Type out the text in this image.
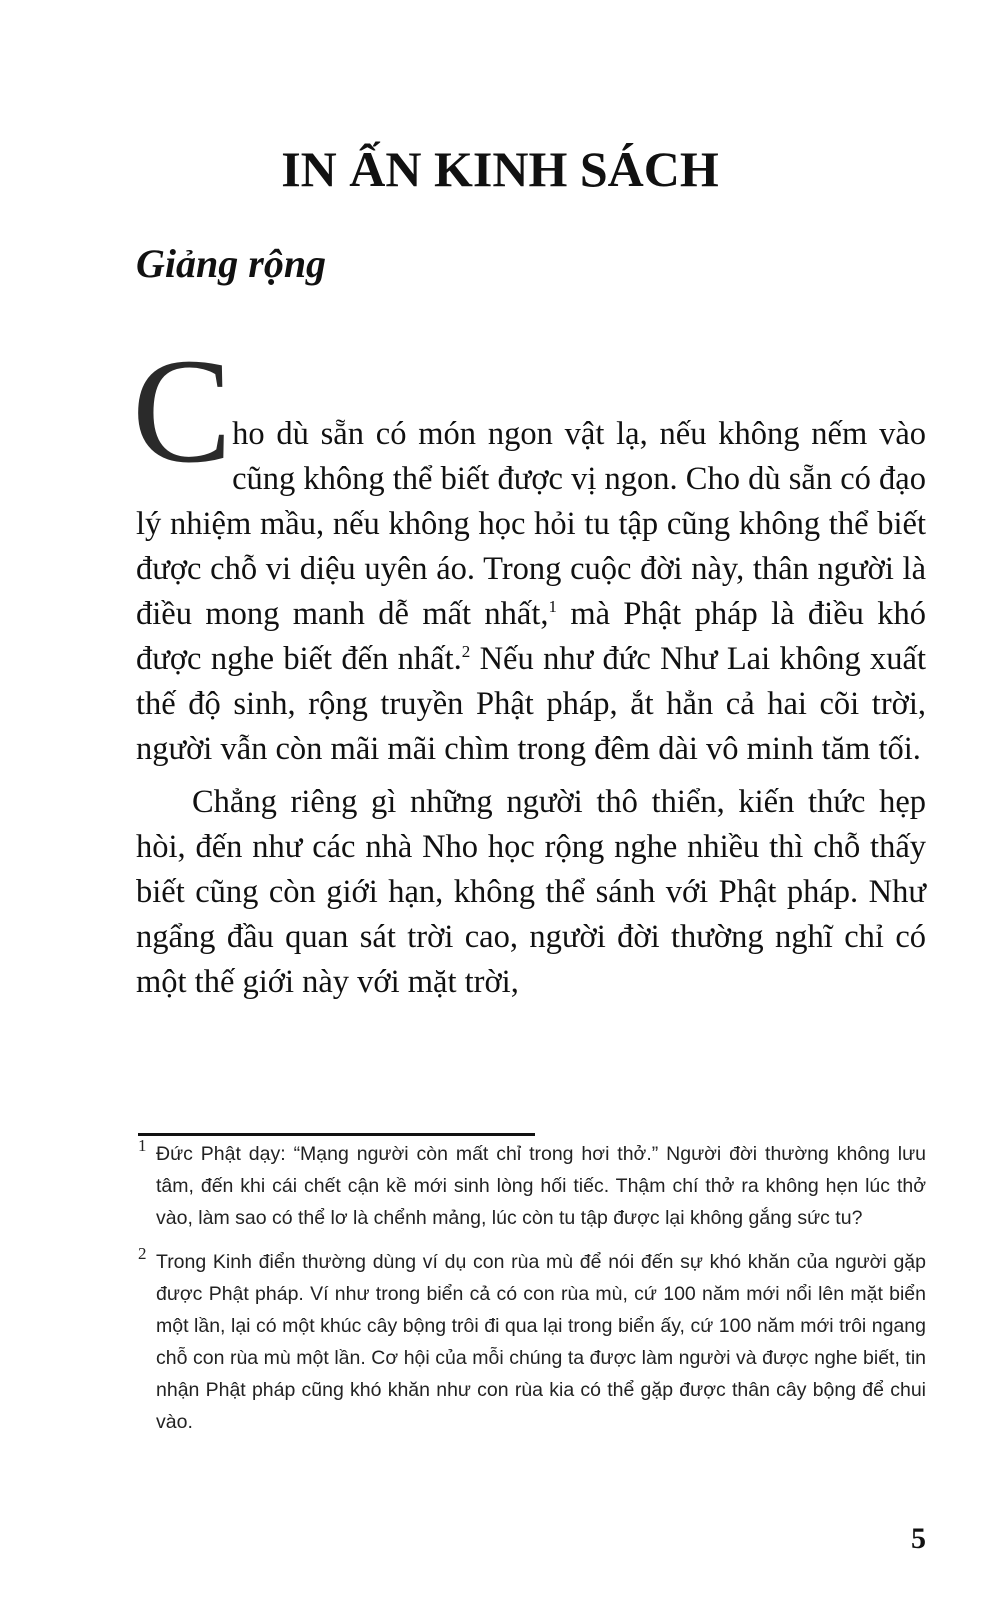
IN ẤN KINH SÁCH
Giảng rộng

Cho dù sẵn có món ngon vật lạ, nếu không nếm vào cũng không thể biết được vị ngon. Cho dù sẵn có đạo lý nhiệm mầu, nếu không học hỏi tu tập cũng không thể biết được chỗ vi diệu uyên áo. Trong cuộc đời này, thân người là điều mong manh dễ mất nhất,$^1$ mà Phật pháp là điều khó được nghe biết đến nhất.$^2$ Nếu như đức Như Lai không xuất thế độ sinh, rộng truyền Phật pháp, ắt hẳn cả hai cõi trời, người vẫn còn mãi mãi chìm trong đêm dài vô minh tăm tối.

Chẳng riêng gì những người thô thiển, kiến thức hẹp hòi, đến như các nhà Nho học rộng nghe nhiều thì chỗ thấy biết cũng còn giới hạn, không thể sánh với Phật pháp. Như ngẩng đầu quan sát trời cao, người đời thường nghĩ chỉ có một thế giới này với mặt trời,

1 Đức Phật dạy: “Mạng người còn mất chỉ trong hơi thở.” Người đời thường không lưu tâm, đến khi cái chết cận kề mới sinh lòng hối tiếc. Thậm chí thở ra không hẹn lúc thở vào, làm sao có thể lơ là chểnh mảng, lúc còn tu tập được lại không gắng sức tu?
2 Trong Kinh điển thường dùng ví dụ con rùa mù để nói đến sự khó khăn của người gặp được Phật pháp. Ví như trong biển cả có con rùa mù, cứ 100 năm mới nổi lên mặt biển một lần, lại có một khúc cây bộng trôi đi qua lại trong biển ấy, cứ 100 năm mới trôi ngang chỗ con rùa mù một lần. Cơ hội của mỗi chúng ta được làm người và được nghe biết, tin nhận Phật pháp cũng khó khăn như con rùa kia có thể gặp được thân cây bộng để chui vào.
5
